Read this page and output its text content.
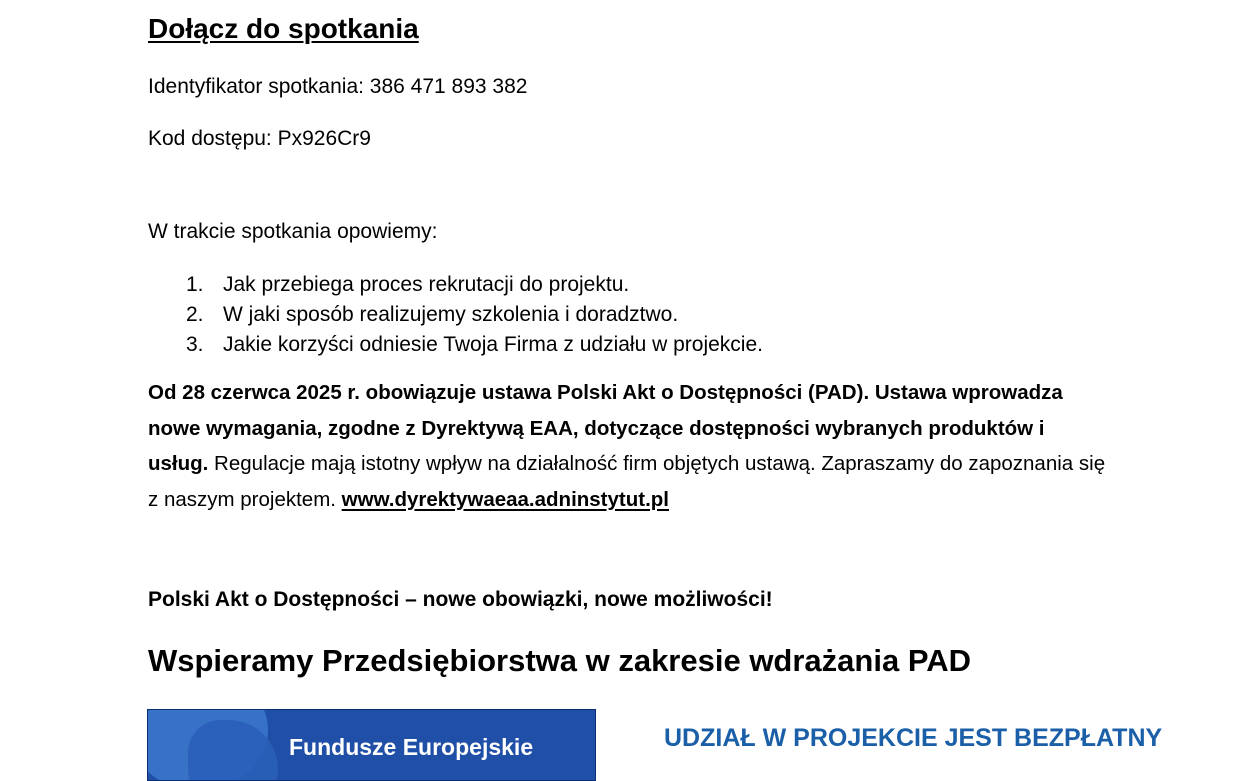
Dołącz do spotkania
Identyfikator spotkania: 386 471 893 382
Kod dostępu: Px926Cr9
W trakcie spotkania opowiemy:
1. Jak przebiega proces rekrutacji do projektu.
2. W jaki sposób realizujemy szkolenia i doradztwo.
3. Jakie korzyści odniesie Twoja Firma z udziału w projekcie.
Od 28 czerwca 2025 r. obowiązuje ustawa Polski Akt o Dostępności (PAD). Ustawa wprowadza nowe wymagania, zgodne z Dyrektywą EAA, dotyczące dostępności wybranych produktów i usług. Regulacje mają istotny wpływ na działalność firm objętych ustawą. Zapraszamy do zapoznania się z naszym projektem. www.dyrektywaeaa.adninstytut.pl
Polski Akt o Dostępności – nowe obowiązki, nowe możliwości!
Wspieramy Przedsiębiorstwa w zakresie wdrażania PAD
Fundusze Europejskie	UDZIAŁ W PROJEKCIE JEST BEZPŁATNY
